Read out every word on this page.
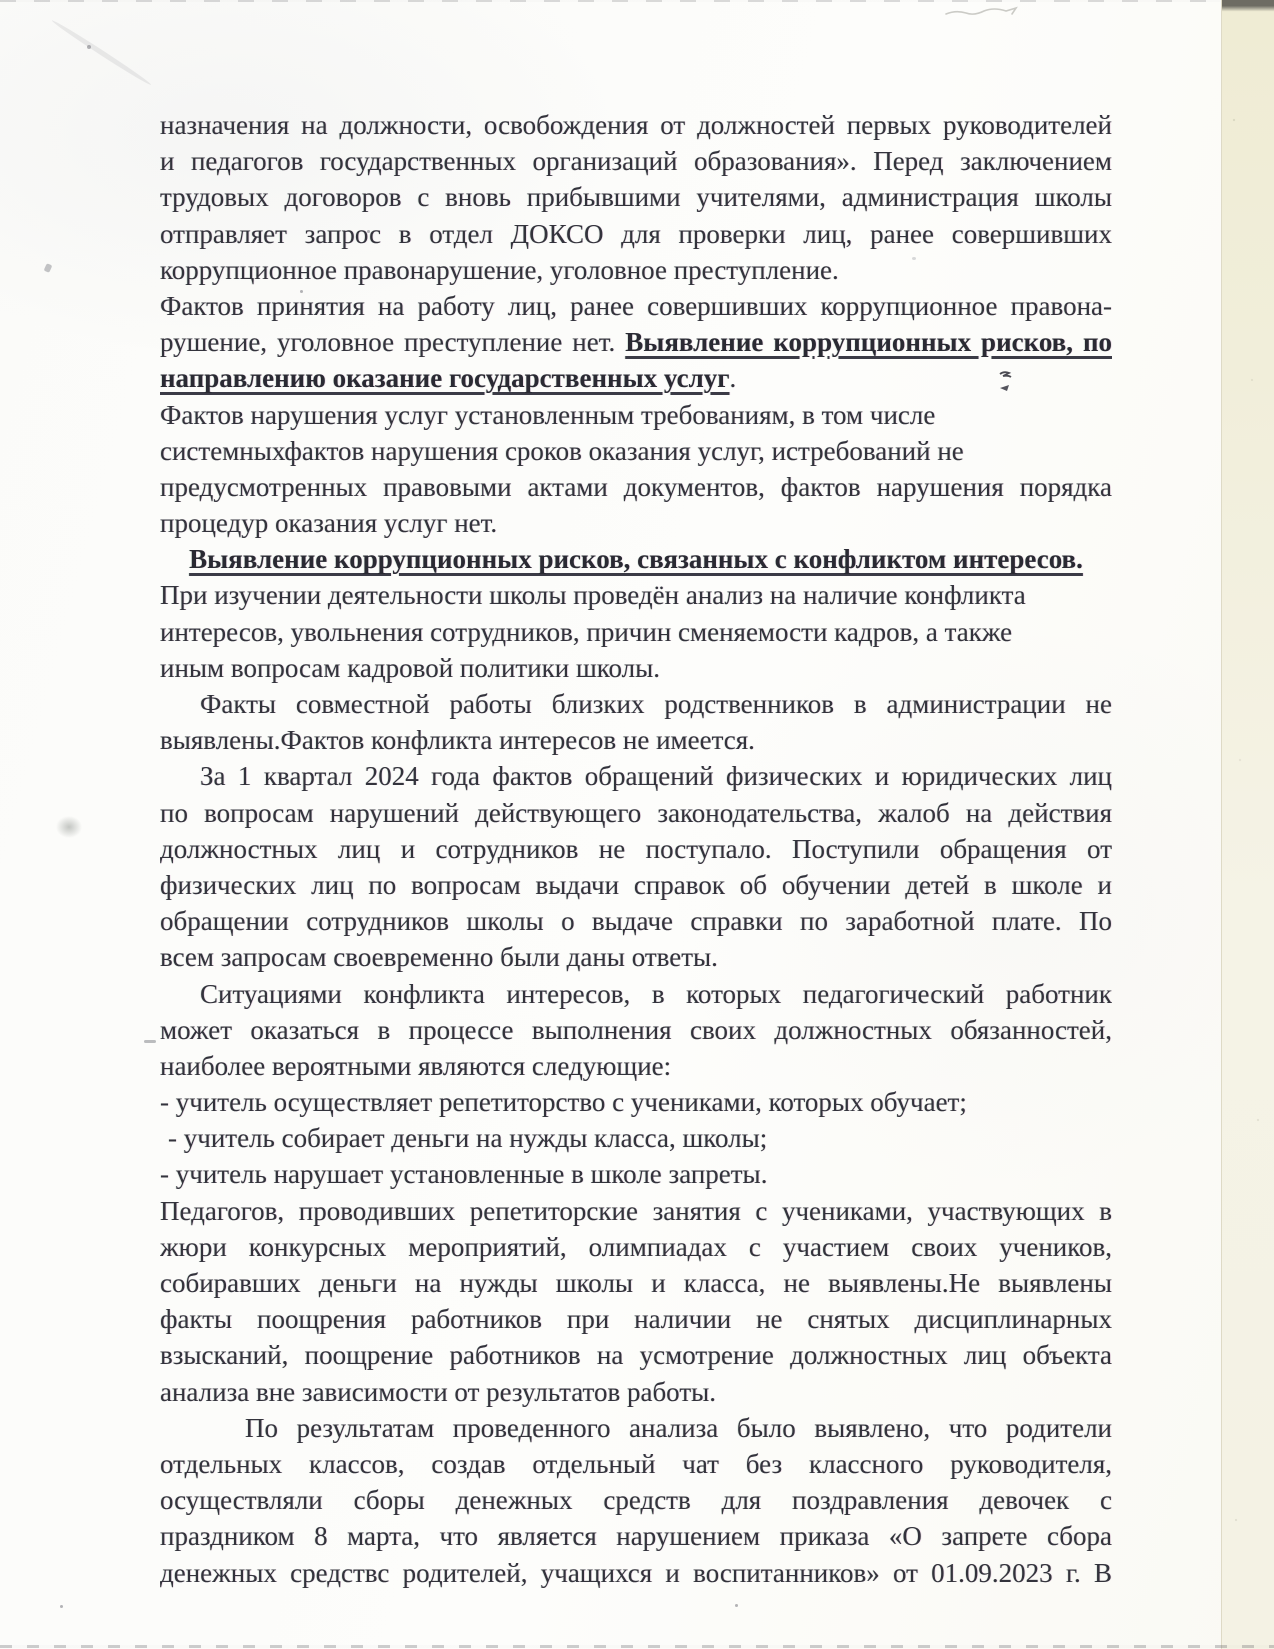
назначения на должности, освобождения от должностей первых руководителей
и педагогов государственных организаций образования». Перед заключением
трудовых договоров с вновь прибывшими учителями, администрация школы
отправляет запрос в отдел ДОКСО для проверки лиц, ранее совершивших
коррупционное правонарушение, уголовное преступление.
Фактов принятия на работу лиц, ранее совершивших коррупционное правона-
рушение, уголовное преступление нет. Выявление коррупционных рисков, по
направлению оказание государственных услуг.
Фактов нарушения услуг установленным требованиям, в том числе
системныхфактов нарушения сроков оказания услуг, истребований не
предусмотренных правовыми актами документов, фактов нарушения порядка
процедур оказания услуг нет.
Выявление коррупционных рисков, связанных с конфликтом интересов.
При изучении деятельности школы проведён анализ на наличие конфликта
интересов, увольнения сотрудников, причин сменяемости кадров, а также
иным вопросам кадровой политики школы.
Факты совместной работы близких родственников в администрации не
выявлены.Фактов конфликта интересов не имеется.
За 1 квартал 2024 года фактов обращений физических и юридических лиц
по вопросам нарушений действующего законодательства, жалоб на действия
должностных лиц и сотрудников не поступало. Поступили обращения от
физических лиц по вопросам выдачи справок об обучении детей в школе и
обращении сотрудников школы о выдаче справки по заработной плате. По
всем запросам своевременно были даны ответы.
Ситуациями конфликта интересов, в которых педагогический работник
может оказаться в процессе выполнения своих должностных обязанностей,
наиболее вероятными являются следующие:
- учитель осуществляет репетиторство с учениками, которых обучает;
- учитель собирает деньги на нужды класса, школы;
- учитель нарушает установленные в школе запреты.
Педагогов, проводивших репетиторские занятия с учениками, участвующих в
жюри конкурсных мероприятий, олимпиадах с участием своих учеников,
собиравших деньги на нужды школы и класса, не выявлены.Не выявлены
факты поощрения работников при наличии не снятых дисциплинарных
взысканий, поощрение работников на усмотрение должностных лиц объекта
анализа вне зависимости от результатов работы.
По результатам проведенного анализа было выявлено, что родители
отдельных классов, создав отдельный чат без классного руководителя,
осуществляли сборы денежных средств для поздравления девочек с
праздником 8 марта, что является нарушением приказа «О запрете сбора
денежных средствс родителей, учащихся и воспитанников» от 01.09.2023 г. В
